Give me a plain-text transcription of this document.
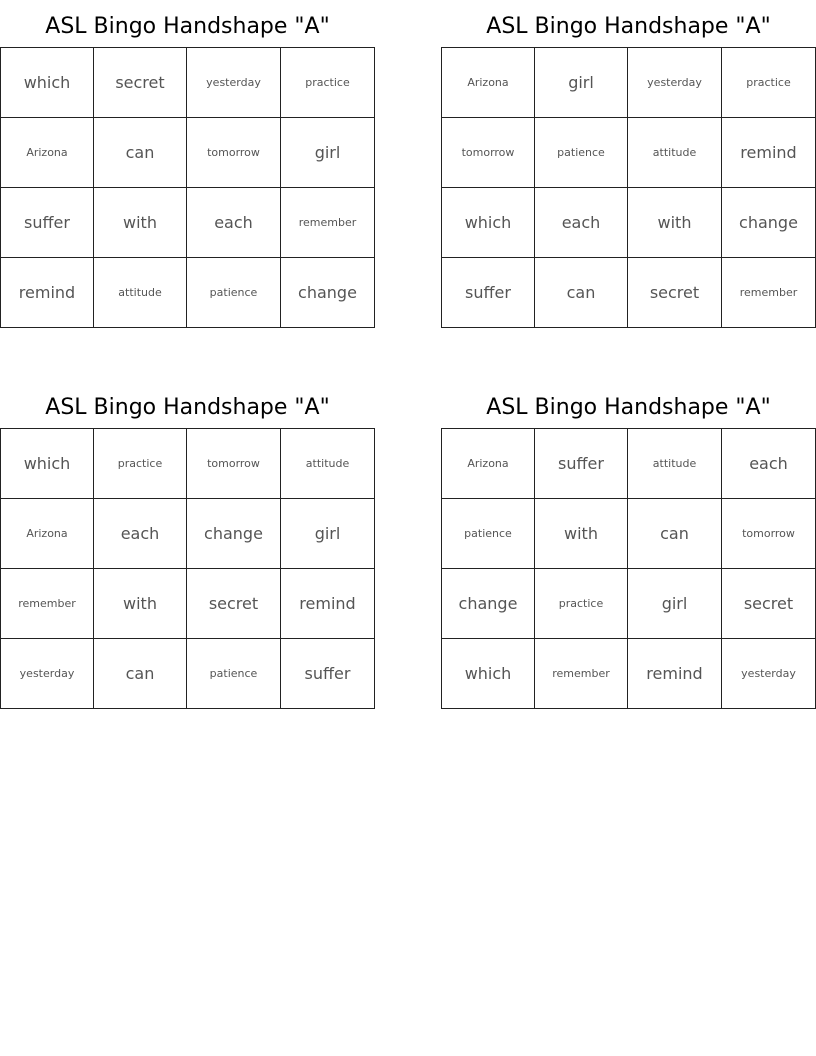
ASL Bingo Handshape "A"
which	secret	yesterday	practice
Arizona	can	tomorrow	girl
suffer	with	each	remember
remind	attitude	patience	change
ASL Bingo Handshape "A"
Arizona	girl	yesterday	practice
tomorrow	patience	attitude	remind
which	each	with	change
suffer	can	secret	remember
ASL Bingo Handshape "A"
which	practice	tomorrow	attitude
Arizona	each	change	girl
remember	with	secret	remind
yesterday	can	patience	suffer
ASL Bingo Handshape "A"
Arizona	suffer	attitude	each
patience	with	can	tomorrow
change	practice	girl	secret
which	remember	remind	yesterday
